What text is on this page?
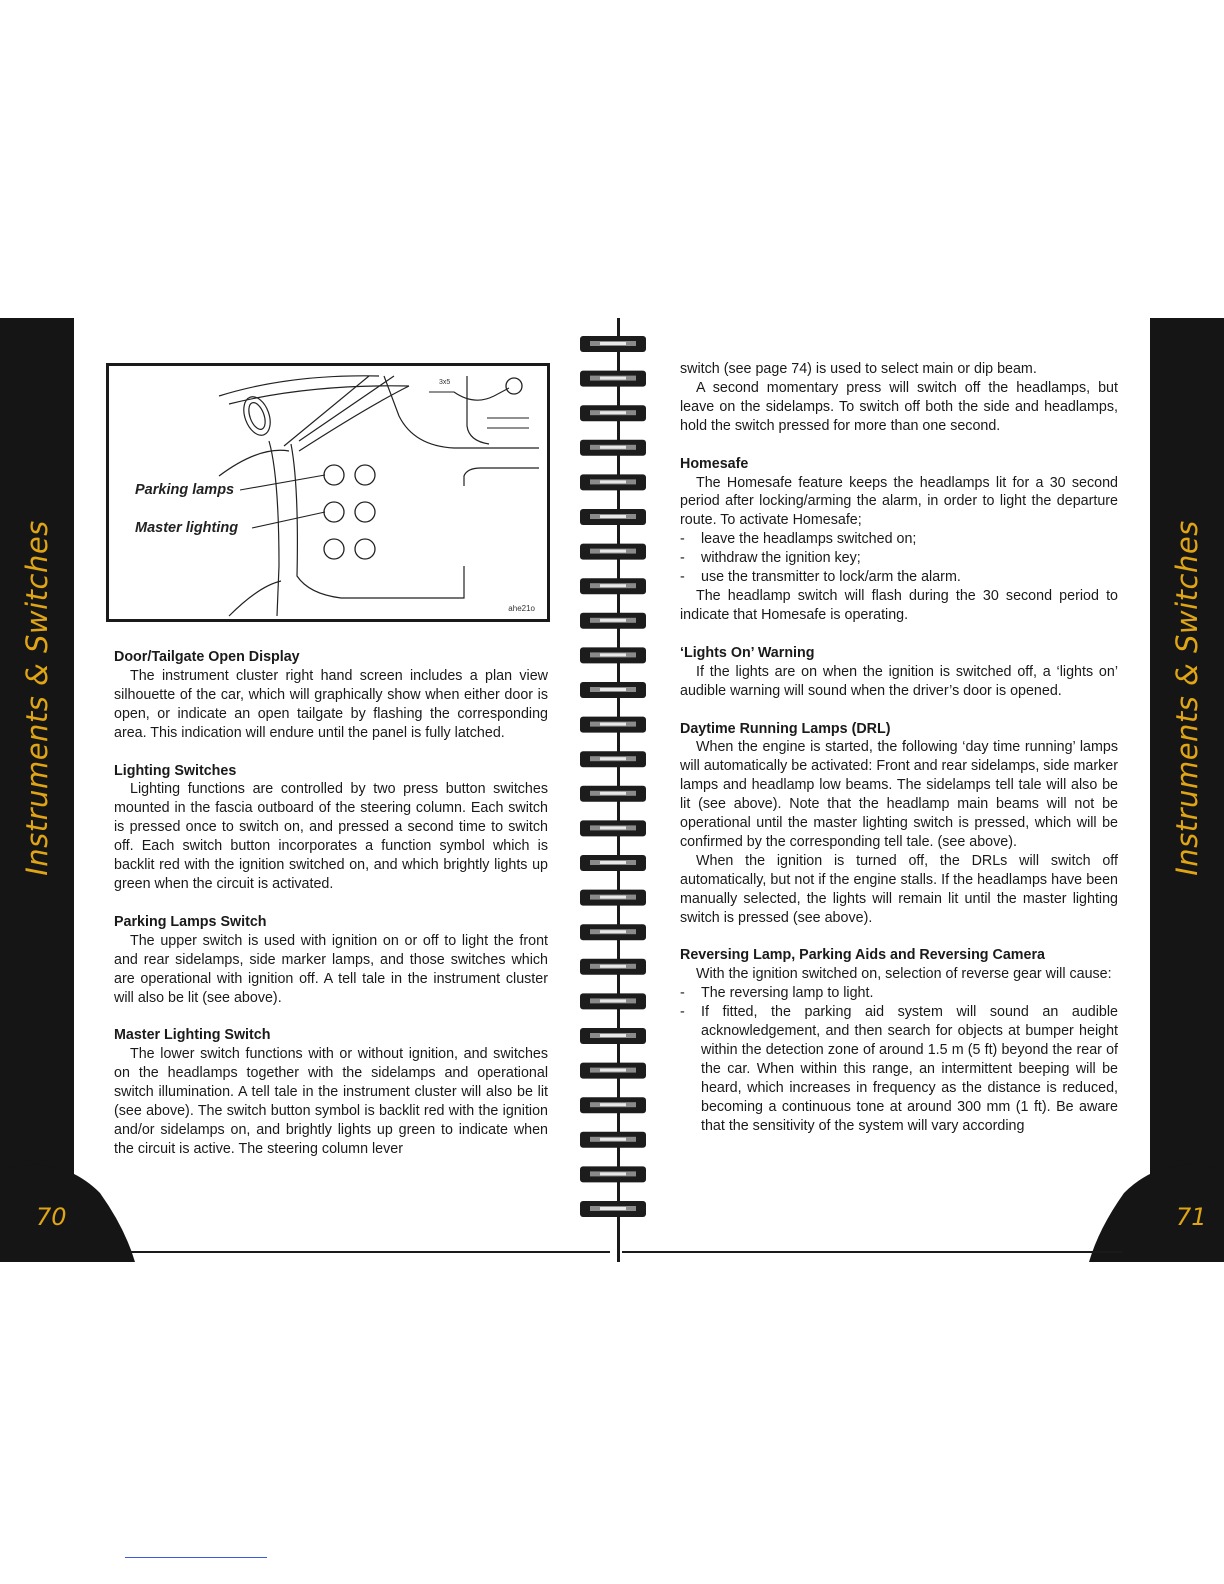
Instruments & Switches	Instruments & Switches
70	71
3x5
Parking lamps
Master lighting
ahe21o
Door/Tailgate Open Display

The instrument cluster right hand screen includes a plan view silhouette of the car, which will graphically show when either door is open, or indicate an open tailgate by flashing the corresponding area. This indication will endure until the panel is fully latched.

Lighting Switches

Lighting functions are controlled by two press button switches mounted in the fascia outboard of the steering column. Each switch is pressed once to switch on, and pressed a second time to switch off. Each switch button incorporates a function symbol which is backlit red with the ignition switched on, and which brightly lights up green when the circuit is activated.

Parking Lamps Switch

The upper switch is used with ignition on or off to light the front and rear sidelamps, side marker lamps, and those switches which are operational with ignition off. A tell tale in the instrument cluster will also be lit (see above).

Master Lighting Switch

The lower switch functions with or without ignition, and switches on the headlamps together with the sidelamps and operational switch illumination. A tell tale in the instrument cluster will also be lit (see above). The switch button symbol is backlit red with the ignition and/or sidelamps on, and brightly lights up green to indicate when the circuit is active. The steering column lever

switch (see page 74) is used to select main or dip beam.

A second momentary press will switch off the headlamps, but leave on the sidelamps. To switch off both the side and headlamps, hold the switch pressed for more than one second.

Homesafe

The Homesafe feature keeps the headlamps lit for a 30 second period after locking/arming the alarm, in order to light the departure route. To activate Homesafe;

- leave the headlamps switched on;
- withdraw the ignition key;
- use the transmitter to lock/arm the alarm.

The headlamp switch will flash during the 30 second period to indicate that Homesafe is operating.

‘Lights On’ Warning

If the lights are on when the ignition is switched off, a ‘lights on’ audible warning will sound when the driver’s door is opened.

Daytime Running Lamps (DRL)

When the engine is started, the following ‘day time running’ lamps will automatically be activated: Front and rear sidelamps, side marker lamps and headlamp low beams. The sidelamps tell tale will also be lit (see above). Note that the headlamp main beams will not be operational until the master lighting switch is pressed, which will be confirmed by the corresponding tell tale. (see above).

When the ignition is turned off, the DRLs will switch off automatically, but not if the engine stalls. If the headlamps have been manually selected, the lights will remain lit until the master lighting switch is pressed (see above).

Reversing Lamp, Parking Aids and Reversing Camera

With the ignition switched on, selection of reverse gear will cause:

- The reversing lamp to light.
- If fitted, the parking aid system will sound an audible acknowledgement, and then search for objects at bumper height within the detection zone of around 1.5 m (5 ft) beyond the rear of the car. When within this range, an intermittent beeping will be heard, which increases in frequency as the distance is reduced, becoming a continuous tone at around 300 mm (1 ft). Be aware that the sensitivity of the system will vary according
